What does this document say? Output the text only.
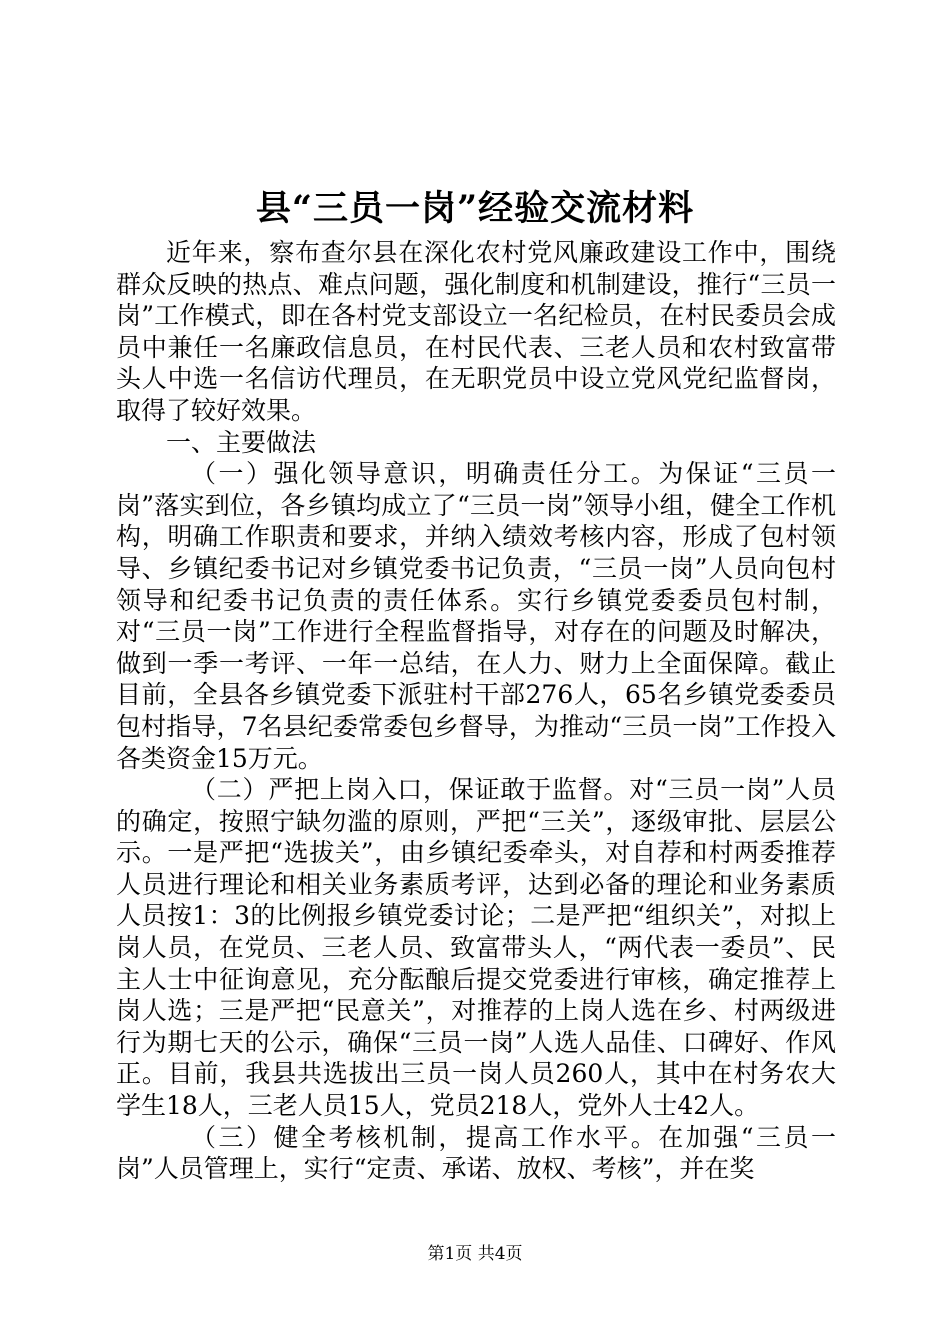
县“三员一岗”经验交流材料

近年来，察布查尔县在深化农村党风廉政建设工作中，围绕群众反映的热点、难点问题，强化制度和机制建设，推行“三员一岗”工作模式，即在各村党支部设立一名纪检员，在村民委员会成员中兼任一名廉政信息员，在村民代表、三老人员和农村致富带头人中选一名信访代理员，在无职党员中设立党风党纪监督岗，取得了较好效果。

一、主要做法

（一）强化领导意识，明确责任分工。为保证“三员一岗”落实到位，各乡镇均成立了“三员一岗”领导小组，健全工作机构，明确工作职责和要求，并纳入绩效考核内容，形成了包村领导、乡镇纪委书记对乡镇党委书记负责，“三员一岗”人员向包村领导和纪委书记负责的责任体系。实行乡镇党委委员包村制，对“三员一岗”工作进行全程监督指导，对存在的问题及时解决，做到一季一考评、一年一总结，在人力、财力上全面保障。截止目前，全县各乡镇党委下派驻村干部276人，65名乡镇党委委员包村指导，7名县纪委常委包乡督导，为推动“三员一岗”工作投入各类资金15万元。

（二）严把上岗入口，保证敢于监督。对“三员一岗”人员的确定，按照宁缺勿滥的原则，严把“三关”，逐级审批、层层公示。一是严把“选拔关”，由乡镇纪委牵头，对自荐和村两委推荐人员进行理论和相关业务素质考评，达到必备的理论和业务素质人员按1：3的比例报乡镇党委讨论；二是严把“组织关”，对拟上岗人员，在党员、三老人员、致富带头人，“两代表一委员”、民主人士中征询意见，充分酝酿后提交党委进行审核，确定推荐上岗人选；三是严把“民意关”，对推荐的上岗人选在乡、村两级进行为期七天的公示，确保“三员一岗”人选人品佳、口碑好、作风正。目前，我县共选拔出三员一岗人员260人，其中在村务农大学生18人，三老人员15人，党员218人，党外人士42人。

（三）健全考核机制，提高工作水平。在加强“三员一岗”人员管理上，实行“定责、承诺、放权、考核”，并在奖

第1页 共4页
